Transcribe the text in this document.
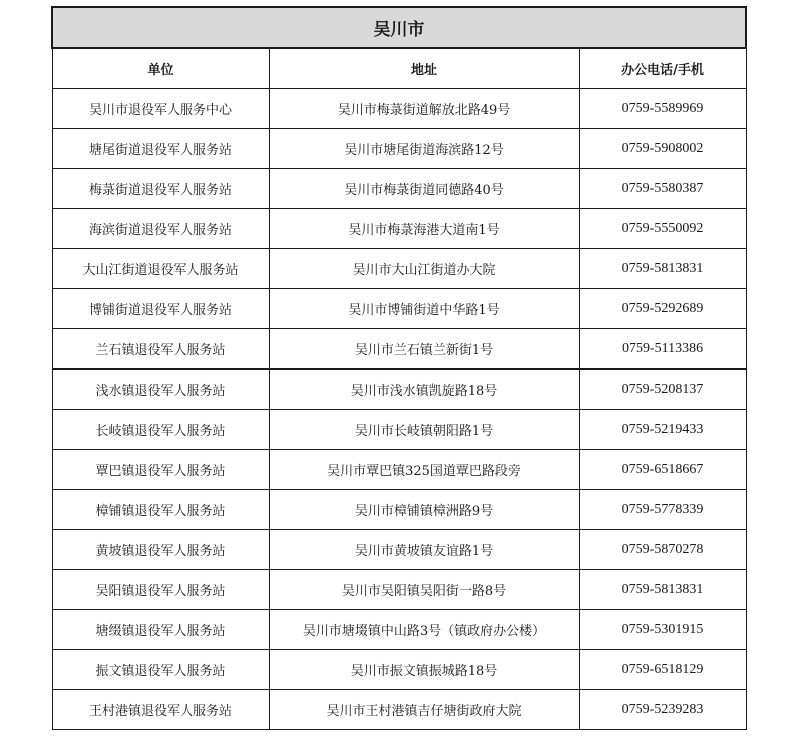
吴川市		
单位	地址	办公电话/手机
吴川市退役军人服务中心	吴川市梅菉街道解放北路49号	0759-5589969
塘尾街道退役军人服务站	吴川市塘尾街道海滨路12号	0759-5908002
梅菉街道退役军人服务站	吴川市梅菉街道同德路40号	0759-5580387
海滨街道退役军人服务站	吴川市梅菉海港大道南1号	0759-5550092
大山江街道退役军人服务站	吴川市大山江街道办大院	0759-5813831
博铺街道退役军人服务站	吴川市博铺街道中华路1号	0759-5292689
兰石镇退役军人服务站	吴川市兰石镇兰新街1号	0759-5113386
浅水镇退役军人服务站	吴川市浅水镇凯旋路18号	0759-5208137
长岐镇退役军人服务站	吴川市长岐镇朝阳路1号	0759-5219433
覃巴镇退役军人服务站	吴川市覃巴镇325国道覃巴路段旁	0759-6518667
樟铺镇退役军人服务站	吴川市樟铺镇樟洲路9号	0759-5778339
黄坡镇退役军人服务站	吴川市黄坡镇友谊路1号	0759-5870278
吴阳镇退役军人服务站	吴川市吴阳镇吴阳街一路8号	0759-5813831
塘缀镇退役军人服务站	吴川市塘㙍镇中山路3号（镇政府办公楼）	0759-5301915
振文镇退役军人服务站	吴川市振文镇振城路18号	0759-6518129
王村港镇退役军人服务站	吴川市王村港镇吉仔塘街政府大院	0759-5239283
